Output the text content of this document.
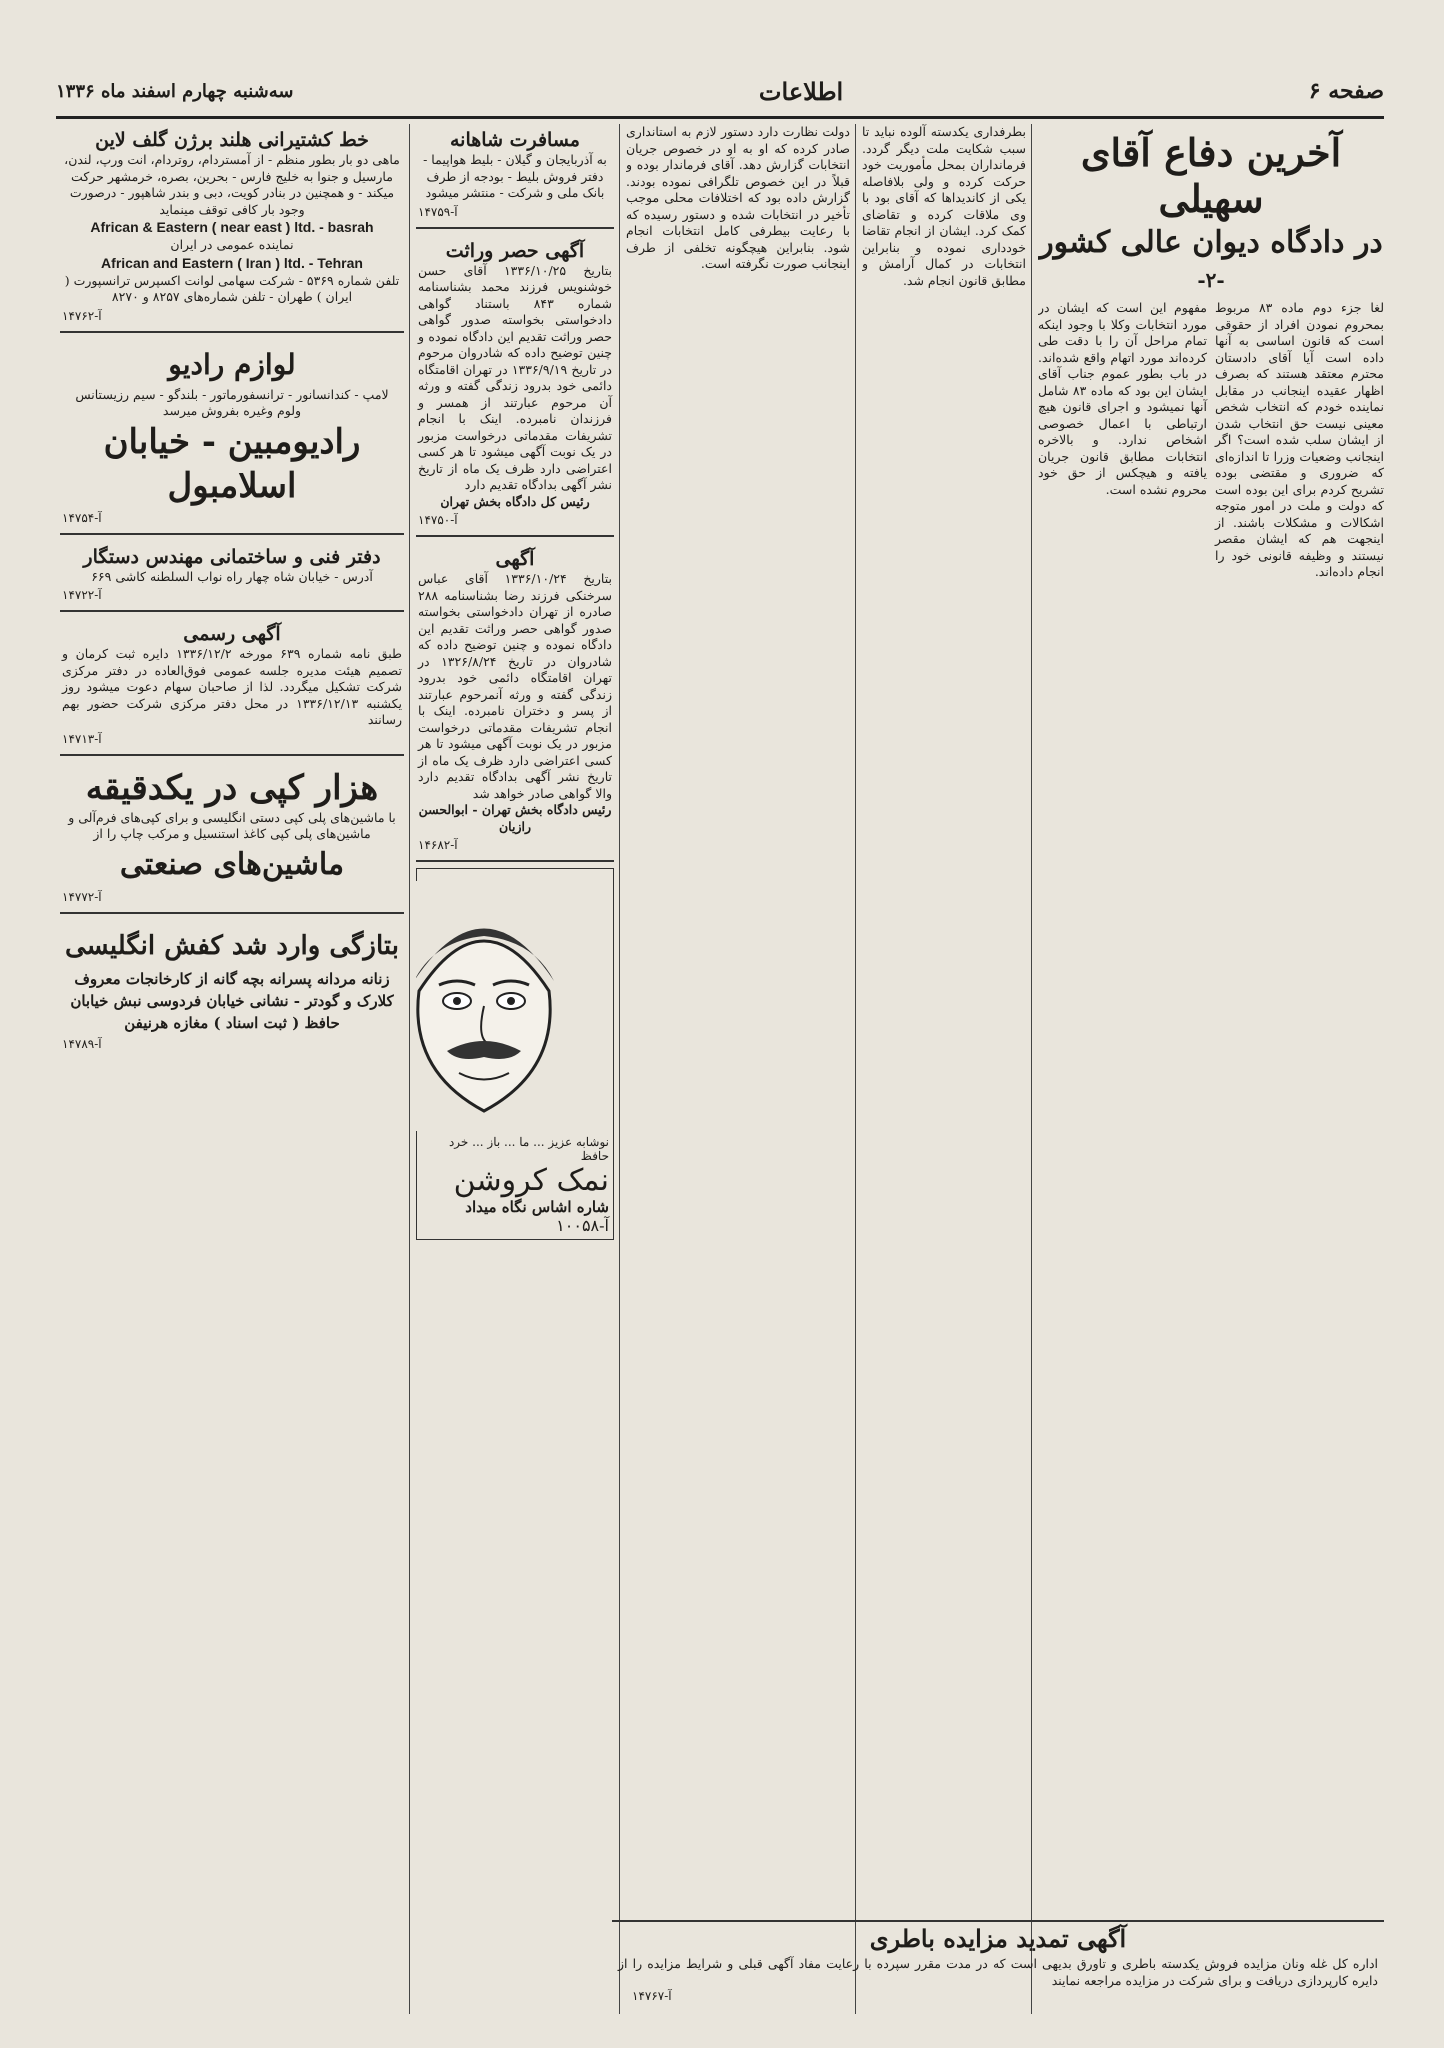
صفحه ۶
اطلاعات
سه‌شنبه چهارم اسفند ماه ۱۳۳۶
آخرین دفاع آقای سهیلی
در دادگاه دیوان عالی کشور
-۲-

لغا جزء دوم ماده ۸۳ مربوط بمحروم نمودن افراد از حقوقی است که قانون اساسی به آنها داده است آیا آقای دادستان محترم معتقد هستند که بصرف اظهار عقیده اینجانب در مقابل نماینده خودم که انتخاب شخص معینی نیست حق انتخاب شدن از ایشان سلب شده است؟ اگر اینجانب وضعیات وزرا تا اندازه‌ای که ضروری و مقتضی بوده تشریح کردم برای این بوده است که دولت و ملت در امور متوجه اشکالات و مشکلات باشند. از اینجهت هم که ایشان مقصر نیستند و وظیفه قانونی خود را انجام داده‌اند.

مفهوم این است که ایشان در مورد انتخابات وکلا با وجود اینکه تمام مراحل آن را با دقت طی کرده‌اند مورد اتهام واقع شده‌اند. در باب بطور عموم جناب آقای ایشان این بود که ماده ۸۳ شامل آنها نمیشود و اجرای قانون هیچ ارتباطی با اعمال خصوصی اشخاص ندارد. و بالاخره انتخابات مطابق قانون جریان یافته و هیچکس از حق خود محروم نشده است.

بطرفداری یکدسته آلوده نباید تا سبب شکایت ملت دیگر گردد. فرمانداران بمحل مأموریت خود حرکت کرده و ولی بلافاصله یکی از کاندیداها که آقای بود با وی ملاقات کرده و تقاضای کمک کرد. ایشان از انجام تقاضا خودداری نموده و بنابراین انتخابات در کمال آرامش و مطابق قانون انجام شد.

دولت نظارت دارد دستور لازم به استانداری صادر کرده که او به او در خصوص جریان انتخابات گزارش دهد. آقای فرماندار بوده و قبلاً در این خصوص تلگرافی نموده بودند. گزارش داده بود که اختلافات محلی موجب تأخیر در انتخابات شده و دستور رسیده که با رعایت بیطرفی کامل انتخابات انجام شود. بنابراین هیچگونه تخلفی از طرف اینجانب صورت نگرفته است.

مسافرت شاهانه
به آذربایجان و گیلان - بلیط هواپیما - دفتر فروش بلیط - بودجه از طرف بانک ملی و شرکت - منتشر میشود
آ-۱۴۷۵۹
آگهی حصر وراثت
بتاریخ ۱۳۳۶/۱۰/۲۵ آقای حسن خوشنویس فرزند محمد بشناسنامه شماره ۸۴۳ باستناد گواهی دادخواستی بخواسته صدور گواهی حصر وراثت تقدیم این دادگاه نموده و چنین توضیح داده که شادروان مرحوم در تاریخ ۱۳۳۶/۹/۱۹ در تهران اقامتگاه دائمی خود بدرود زندگی گفته و ورثه آن مرحوم عبارتند از همسر و فرزندان نامبرده. اینک با انجام تشریفات مقدماتی درخواست مزبور در یک نوبت آگهی میشود تا هر کسی اعتراضی دارد ظرف یک ماه از تاریخ نشر آگهی بدادگاه تقدیم دارد
رئیس کل دادگاه بخش تهران
آ-۱۴۷۵۰
آگهی
بتاریخ ۱۳۳۶/۱۰/۲۴ آقای عباس سرخنکی فرزند رضا بشناسنامه ۲۸۸ صادره از تهران دادخواستی بخواسته صدور گواهی حصر وراثت تقدیم این دادگاه نموده و چنین توضیح داده که شادروان در تاریخ ۱۳۲۶/۸/۲۴ در تهران اقامتگاه دائمی خود بدرود زندگی گفته و ورثه آنمرحوم عبارتند از پسر و دختران نامبرده. اینک با انجام تشریفات مقدماتی درخواست مزبور در یک نوبت آگهی میشود تا هر کسی اعتراضی دارد ظرف یک ماه از تاریخ نشر آگهی بدادگاه تقدیم دارد والا گواهی صادر خواهد شد
رئیس دادگاه بخش تهران - ابوالحسن رازیان
آ-۱۴۶۸۲
نوشابه عزیز ... ما ... باز ... خرد حافظ
نمک کروشن
شاره اشاس نگاه میداد
آ-۱۰۰۵۸
خط کشتیرانی هلند برژن گلف لاین
ماهی دو بار بطور منظم - از آمستردام، روتردام، انت ورپ، لندن، مارسیل و جنوا به خلیج فارس - بحرین، بصره، خرمشهر حرکت میکند - و همچنین در بنادر کویت، دبی و بندر شاهپور - درصورت وجود بار کافی توقف مینماید
African & Eastern ( near east ) ltd. - basrah
نماینده عمومی در ایران
African and Eastern ( Iran ) ltd. - Tehran
تلفن شماره ۵۳۶۹ - شرکت سهامی لوانت اکسپرس ترانسپورت ( ایران ) طهران - تلفن شماره‌های ۸۲۵۷ و ۸۲۷۰
آ-۱۴۷۶۲
لوازم رادیو
لامپ - کندانسانور - ترانسفورماتور - بلندگو - سیم رزیستانس ولوم وغیره بفروش میرسد
رادیومبین - خیابان اسلامبول
آ-۱۴۷۵۴
دفتر فنی و ساختمانی مهندس دستگار
آدرس - خیابان شاه چهار راه نواب السلطنه کاشی ۶۶۹
آ-۱۴۷۲۲
آگهی رسمی
طبق نامه شماره ۶۳۹ مورخه ۱۳۳۶/۱۲/۲ دایره ثبت کرمان و تصمیم هیئت مدیره جلسه عمومی فوق‌العاده در دفتر مرکزی شرکت تشکیل میگردد. لذا از صاحبان سهام دعوت میشود روز یکشنبه ۱۳۳۶/۱۲/۱۳ در محل دفتر مرکزی شرکت حضور بهم رسانند
آ-۱۴۷۱۳
هزار کپی در یکدقیقه
با ماشین‌های پلی کپی دستی انگلیسی و برای کپی‌های فرم‌آلی و ماشین‌های پلی کپی کاغذ استنسیل و مرکب چاپ را از
ماشین‌های صنعتی
آ-۱۴۷۷۲
بتازگی وارد شد کفش انگلیسی
زنانه مردانه پسرانه بچه گانه از کارخانجات معروف کلارک و گودتر - نشانی خیابان فردوسی نبش خیابان حافظ ( ثبت اسناد ) مغازه هرنیفن
آ-۱۴۷۸۹
آگهی تمدید مزایده باطری
اداره کل غله ونان مزایده فروش یکدسته باطری و تاورق بدیهی است که در مدت مقرر سپرده با رعایت مفاد آگهی قبلی و شرایط مزایده را از دایره کارپردازی دریافت و برای شرکت در مزایده مراجعه نمایند
آ-۱۴۷۶۷
